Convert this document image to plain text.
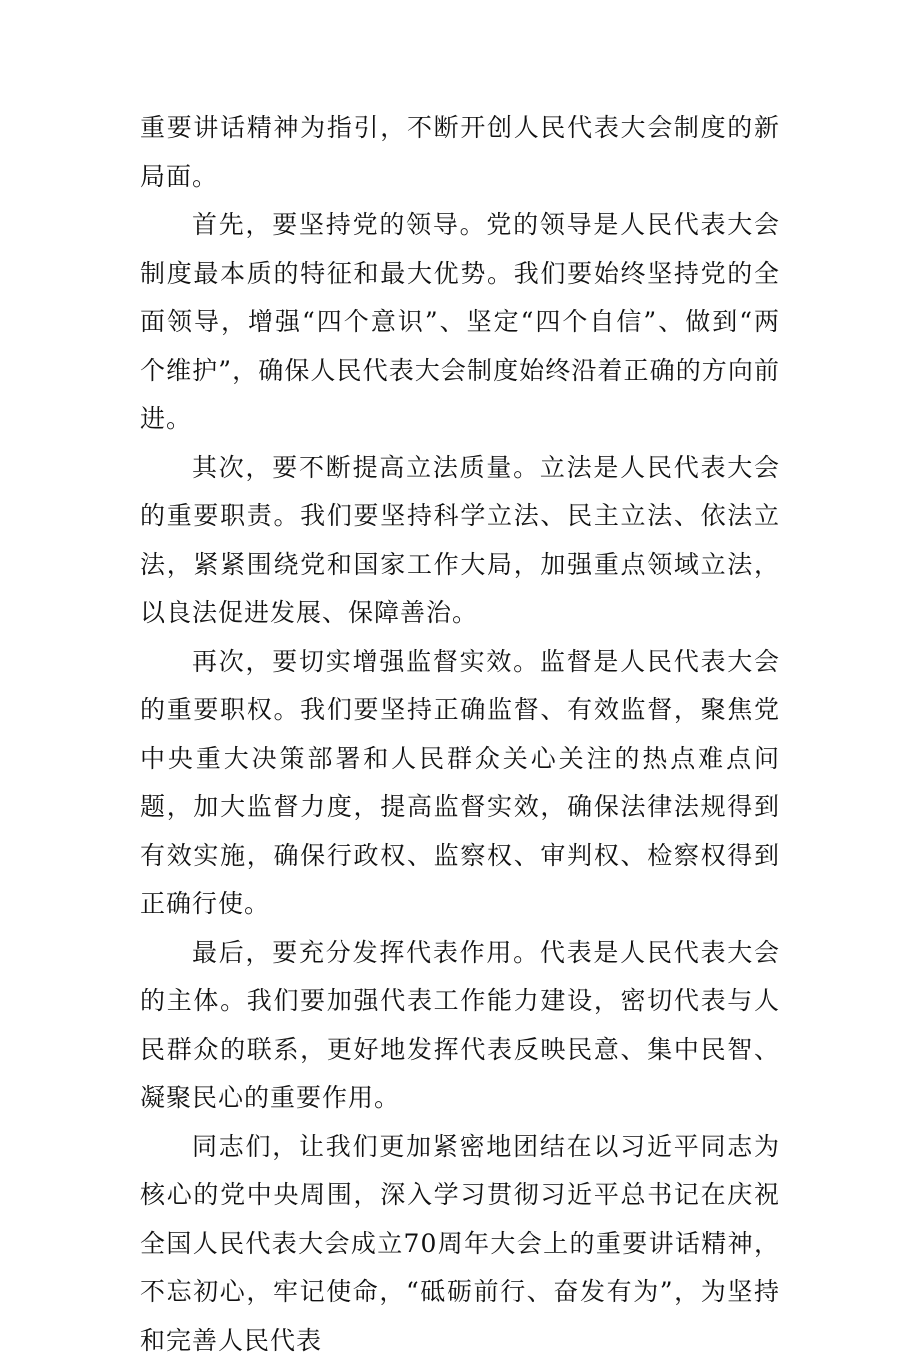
重要讲话精神为指引，不断开创人民代表大会制度的新局面。

首先，要坚持党的领导。党的领导是人民代表大会制度最本质的特征和最大优势。我们要始终坚持党的全面领导，增强“四个意识”、坚定“四个自信”、做到“两个维护”，确保人民代表大会制度始终沿着正确的方向前进。

其次，要不断提高立法质量。立法是人民代表大会的重要职责。我们要坚持科学立法、民主立法、依法立法，紧紧围绕党和国家工作大局，加强重点领域立法，以良法促进发展、保障善治。

再次，要切实增强监督实效。监督是人民代表大会的重要职权。我们要坚持正确监督、有效监督，聚焦党中央重大决策部署和人民群众关心关注的热点难点问题，加大监督力度，提高监督实效，确保法律法规得到有效实施，确保行政权、监察权、审判权、检察权得到正确行使。

最后，要充分发挥代表作用。代表是人民代表大会的主体。我们要加强代表工作能力建设，密切代表与人民群众的联系，更好地发挥代表反映民意、集中民智、凝聚民心的重要作用。

同志们，让我们更加紧密地团结在以习近平同志为核心的党中央周围，深入学习贯彻习近平总书记在庆祝全国人民代表大会成立70周年大会上的重要讲话精神，不忘初心，牢记使命，“砥砺前行、奋发有为”，为坚持和完善人民代表
